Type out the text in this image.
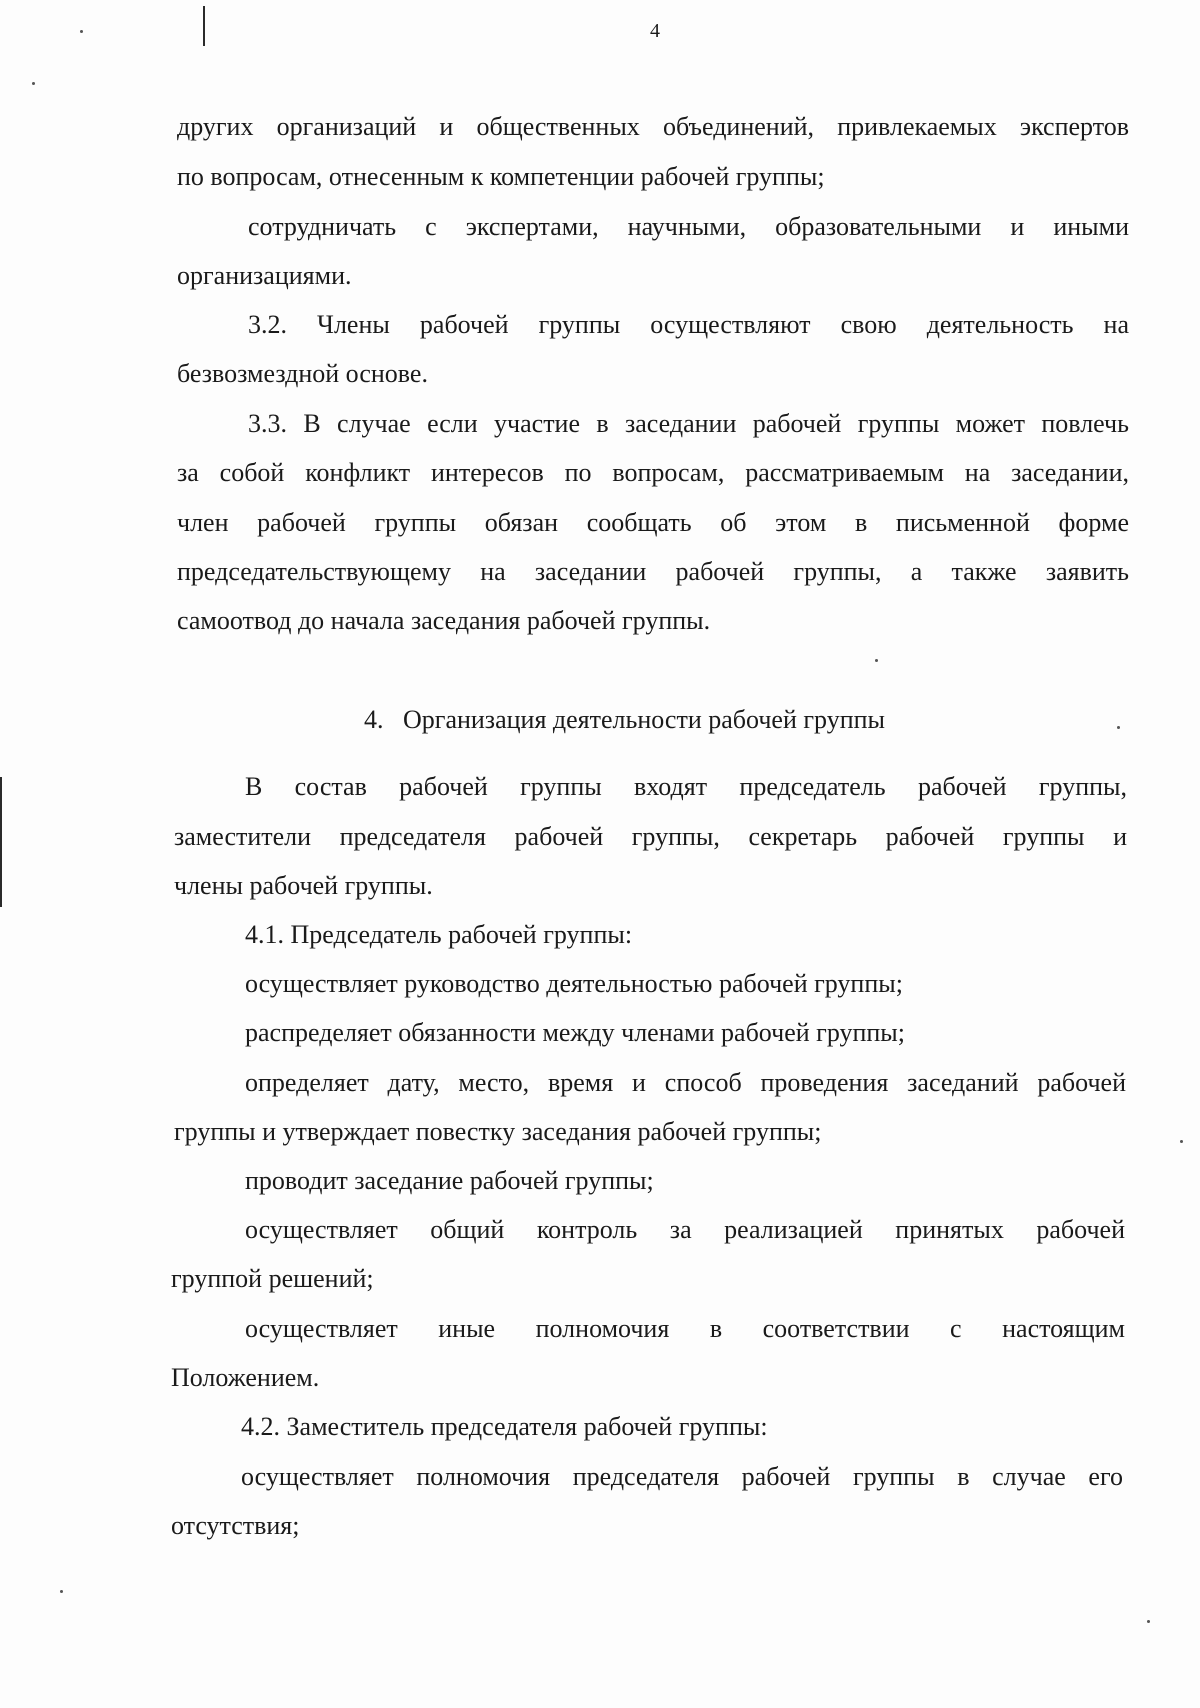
4
других организаций и общественных объединений, привлекаемых экспертов
по вопросам, отнесенным к компетенции рабочей группы;
сотрудничать с экспертами, научными, образовательными и иными
организациями.
3.2. Члены рабочей группы осуществляют свою деятельность на
безвозмездной основе.
3.3. В случае если участие в заседании рабочей группы может повлечь
за собой конфликт интересов по вопросам, рассматриваемым на заседании,
член рабочей группы обязан сообщать об этом в письменной форме
председательствующему на заседании рабочей группы, а также заявить
самоотвод до начала заседания рабочей группы.
4.   Организация деятельности рабочей группы
В состав рабочей группы входят председатель рабочей группы,
заместители председателя рабочей группы, секретарь рабочей группы и
члены рабочей группы.
4.1. Председатель рабочей группы:
осуществляет руководство деятельностью рабочей группы;
распределяет обязанности между членами рабочей группы;
определяет дату, место, время и способ проведения заседаний рабочей
группы и утверждает повестку заседания рабочей группы;
проводит заседание рабочей группы;
осуществляет общий контроль за реализацией принятых рабочей
группой решений;
осуществляет иные полномочия в соответствии с настоящим
Положением.
4.2. Заместитель председателя рабочей группы:
осуществляет полномочия председателя рабочей группы в случае его
отсутствия;
